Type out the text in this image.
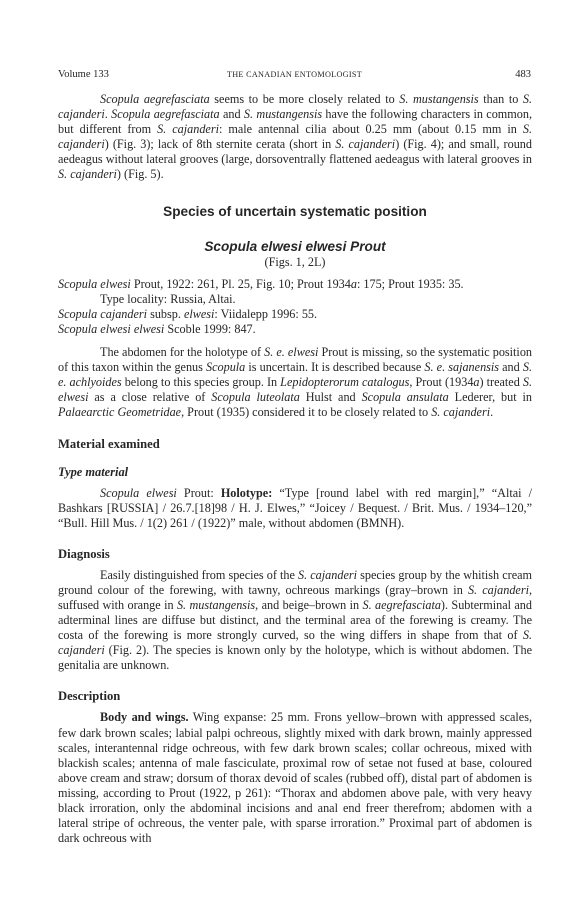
Volume 133	THE CANADIAN ENTOMOLOGIST	483

Scopula aegrefasciata seems to be more closely related to S. mustangensis than to S. cajanderi. Scopula aegrefasciata and S. mustangensis have the following characters in common, but different from S. cajanderi: male antennal cilia about 0.25 mm (about 0.15 mm in S. cajanderi) (Fig. 3); lack of 8th sternite cerata (short in S. cajanderi) (Fig. 4); and small, round aedeagus without lateral grooves (large, dorsoventrally flattened aedeagus with lateral grooves in S. cajanderi) (Fig. 5).

Species of uncertain systematic position
Scopula elwesi elwesi Prout

(Figs. 1, 2L)

Scopula elwesi Prout, 1922: 261, Pl. 25, Fig. 10; Prout 1934a: 175; Prout 1935: 35.
Type locality: Russia, Altai.

Scopula cajanderi subsp. elwesi: Viidalepp 1996: 55.

Scopula elwesi elwesi Scoble 1999: 847.

The abdomen for the holotype of S. e. elwesi Prout is missing, so the systematic position of this taxon within the genus Scopula is uncertain. It is described because S. e. sajanensis and S. e. achlyoides belong to this species group. In Lepidopterorum catalogus, Prout (1934a) treated S. elwesi as a close relative of Scopula luteolata Hulst and Scopula ansulata Lederer, but in Palaearctic Geometridae, Prout (1935) considered it to be closely related to S. cajanderi.

Material examined
Type material

Scopula elwesi Prout: Holotype: “Type [round label with red margin],” “Altai / Bashkars [RUSSIA] / 26.7.[18]98 / H. J. Elwes,” “Joicey / Bequest. / Brit. Mus. / 1934–120,” “Bull. Hill Mus. / 1(2) 261 / (1922)” male, without abdomen (BMNH).

Diagnosis

Easily distinguished from species of the S. cajanderi species group by the whitish cream ground colour of the forewing, with tawny, ochreous markings (gray–brown in S. cajanderi, suffused with orange in S. mustangensis, and beige–brown in S. aegrefasciata). Subterminal and adterminal lines are diffuse but distinct, and the terminal area of the forewing is creamy. The costa of the forewing is more strongly curved, so the wing differs in shape from that of S. cajanderi (Fig. 2). The species is known only by the holotype, which is without abdomen. The genitalia are unknown.

Description

Body and wings. Wing expanse: 25 mm. Frons yellow–brown with appressed scales, few dark brown scales; labial palpi ochreous, slightly mixed with dark brown, mainly appressed scales, interantennal ridge ochreous, with few dark brown scales; collar ochreous, mixed with blackish scales; antenna of male fasciculate, proximal row of setae not fused at base, coloured above cream and straw; dorsum of thorax devoid of scales (rubbed off), distal part of abdomen is missing, according to Prout (1922, p 261): “Thorax and abdomen above pale, with very heavy black irroration, only the abdominal incisions and anal end freer therefrom; abdomen with a lateral stripe of ochreous, the venter pale, with sparse irroration.” Proximal part of abdomen is dark ochreous with
